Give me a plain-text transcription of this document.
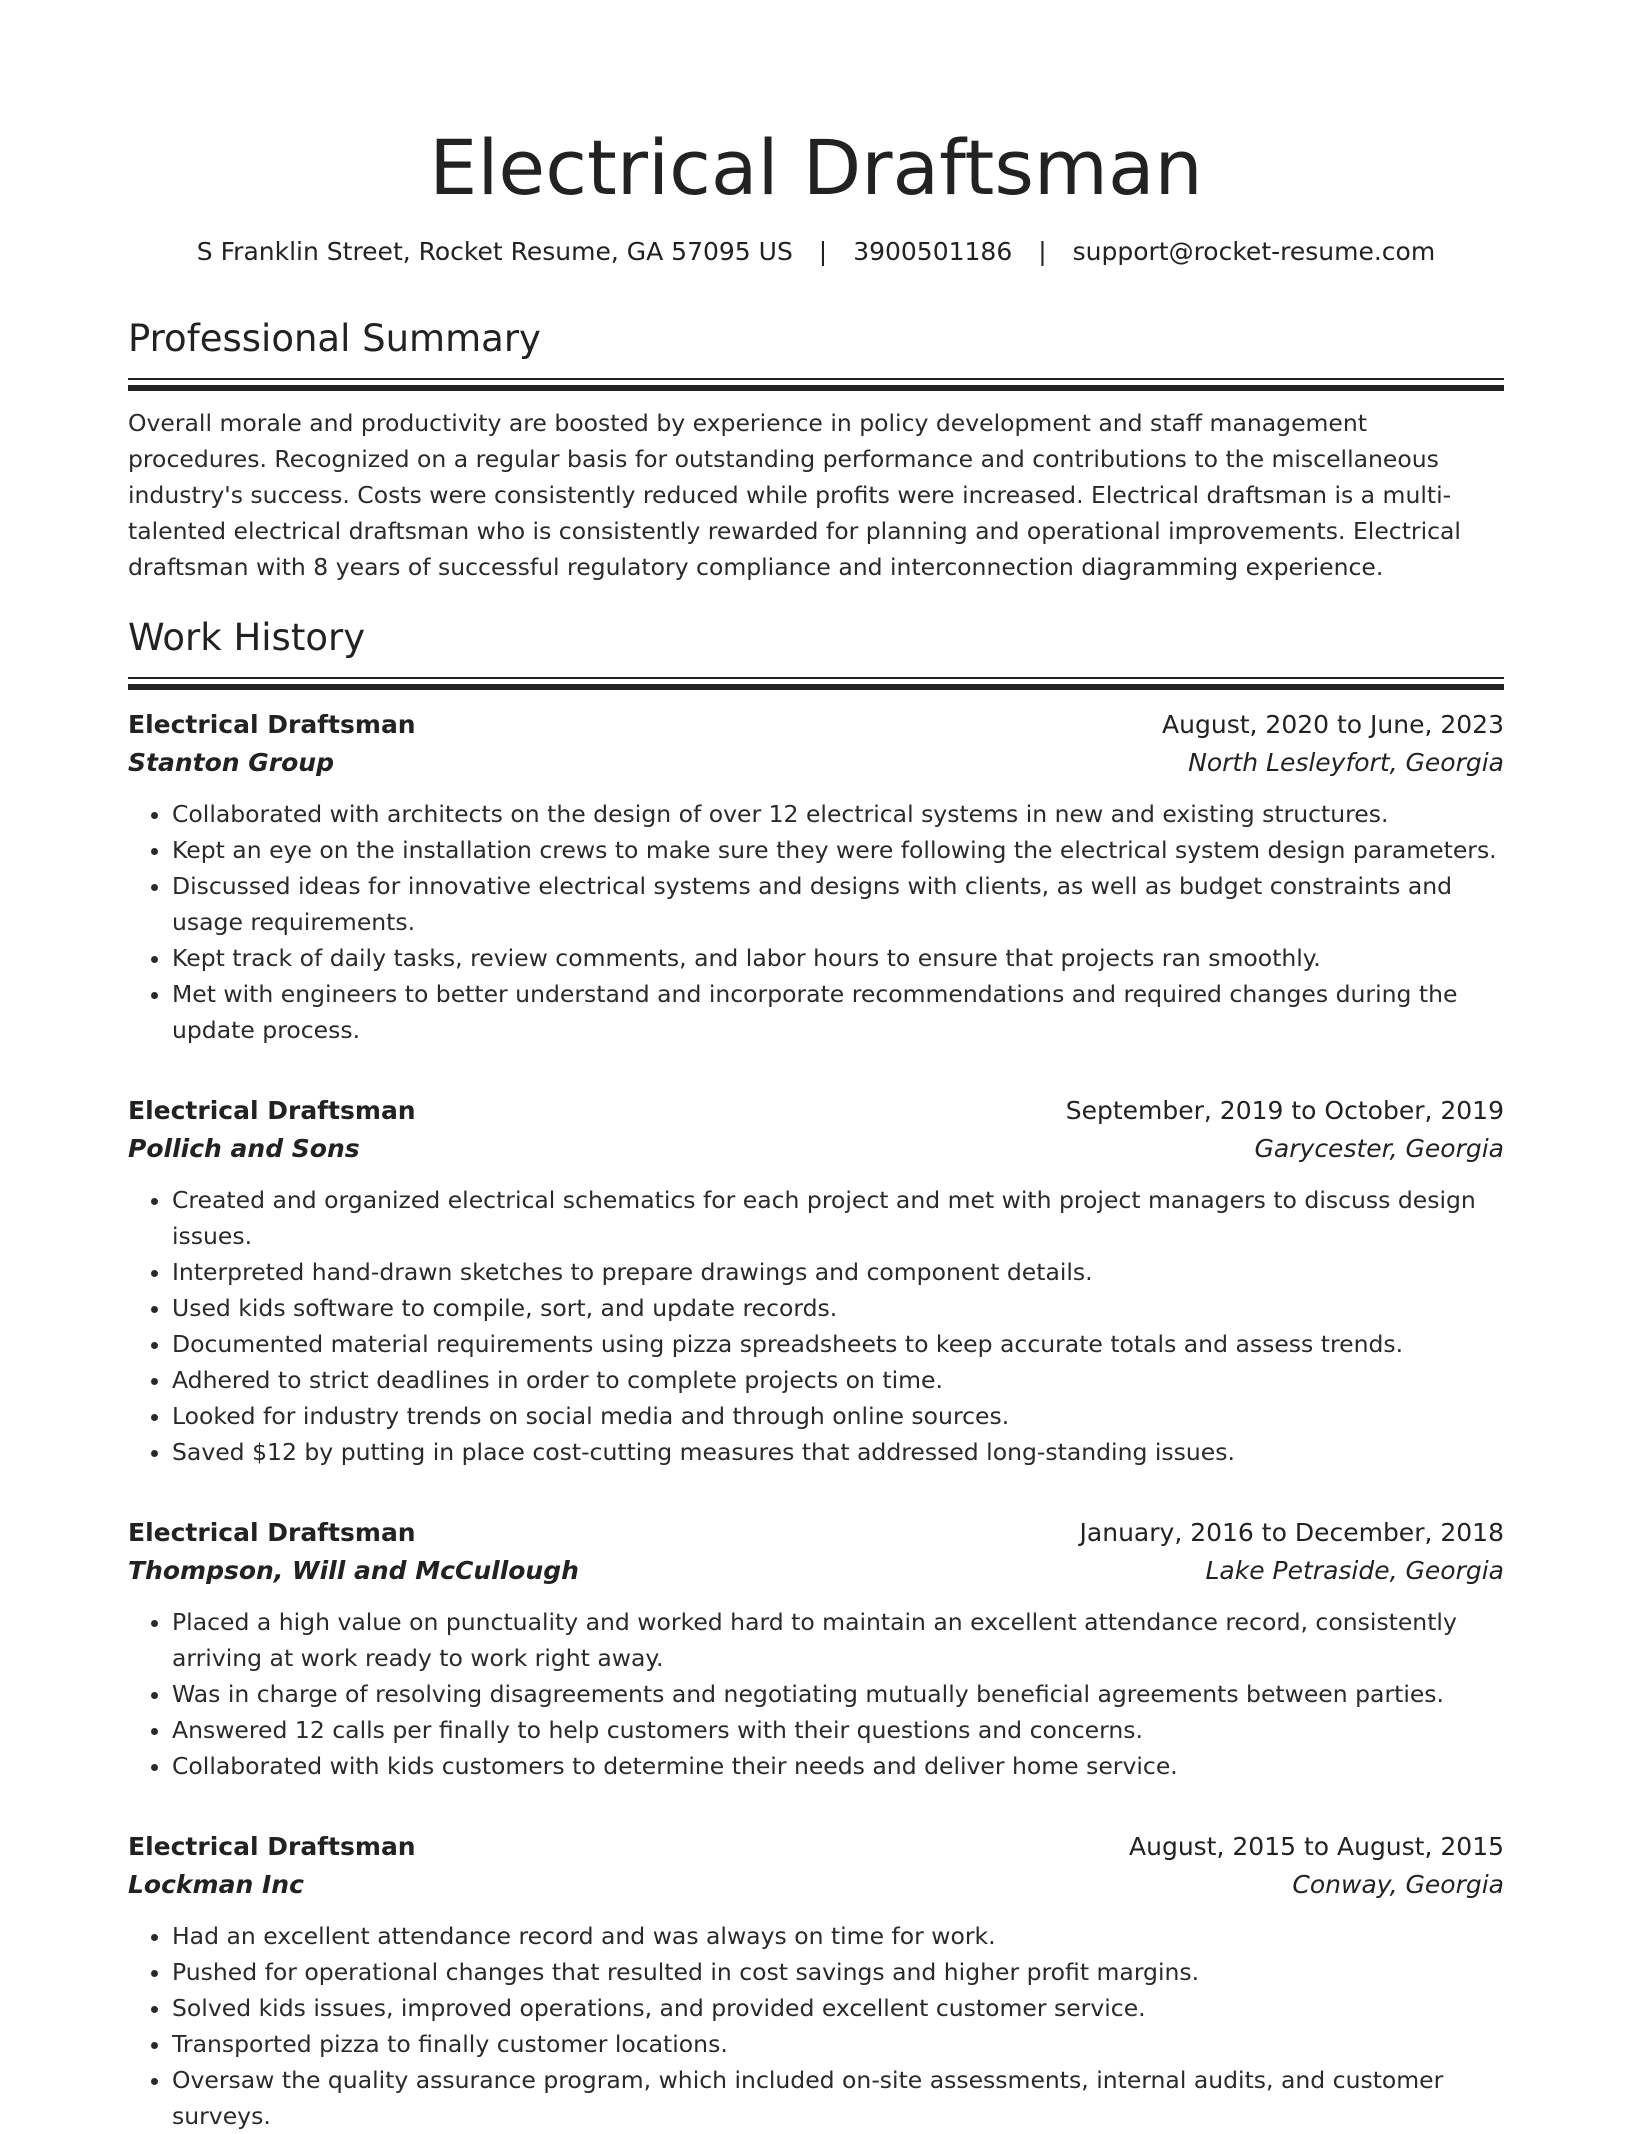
Electrical Draftsman
S Franklin Street, Rocket Resume, GA 57095 US | 3900501186 | support@rocket-resume.com
Professional Summary

Overall morale and productivity are boosted by experience in policy development and staff management procedures. Recognized on a regular basis for outstanding performance and contributions to the miscellaneous industry's success. Costs were consistently reduced while profits were increased. Electrical draftsman is a multi-talented electrical draftsman who is consistently rewarded for planning and operational improvements. Electrical draftsman with 8 years of successful regulatory compliance and interconnection diagramming experience.

Work History
Electrical Draftsman	August, 2020 to June, 2023
Stanton Group	North Lesleyfort, Georgia
• Collaborated with architects on the design of over 12 electrical systems in new and existing structures.
• Kept an eye on the installation crews to make sure they were following the electrical system design parameters.
• Discussed ideas for innovative electrical systems and designs with clients, as well as budget constraints and usage requirements.
• Kept track of daily tasks, review comments, and labor hours to ensure that projects ran smoothly.
• Met with engineers to better understand and incorporate recommendations and required changes during the update process.
Electrical Draftsman	September, 2019 to October, 2019
Pollich and Sons	Garycester, Georgia
• Created and organized electrical schematics for each project and met with project managers to discuss design issues.
• Interpreted hand-drawn sketches to prepare drawings and component details.
• Used kids software to compile, sort, and update records.
• Documented material requirements using pizza spreadsheets to keep accurate totals and assess trends.
• Adhered to strict deadlines in order to complete projects on time.
• Looked for industry trends on social media and through online sources.
• Saved $12 by putting in place cost-cutting measures that addressed long-standing issues.
Electrical Draftsman	January, 2016 to December, 2018
Thompson, Will and McCullough	Lake Petraside, Georgia
• Placed a high value on punctuality and worked hard to maintain an excellent attendance record, consistently arriving at work ready to work right away.
• Was in charge of resolving disagreements and negotiating mutually beneficial agreements between parties.
• Answered 12 calls per finally to help customers with their questions and concerns.
• Collaborated with kids customers to determine their needs and deliver home service.
Electrical Draftsman	August, 2015 to August, 2015
Lockman Inc	Conway, Georgia
• Had an excellent attendance record and was always on time for work.
• Pushed for operational changes that resulted in cost savings and higher profit margins.
• Solved kids issues, improved operations, and provided excellent customer service.
• Transported pizza to finally customer locations.
• Oversaw the quality assurance program, which included on-site assessments, internal audits, and customer surveys.
